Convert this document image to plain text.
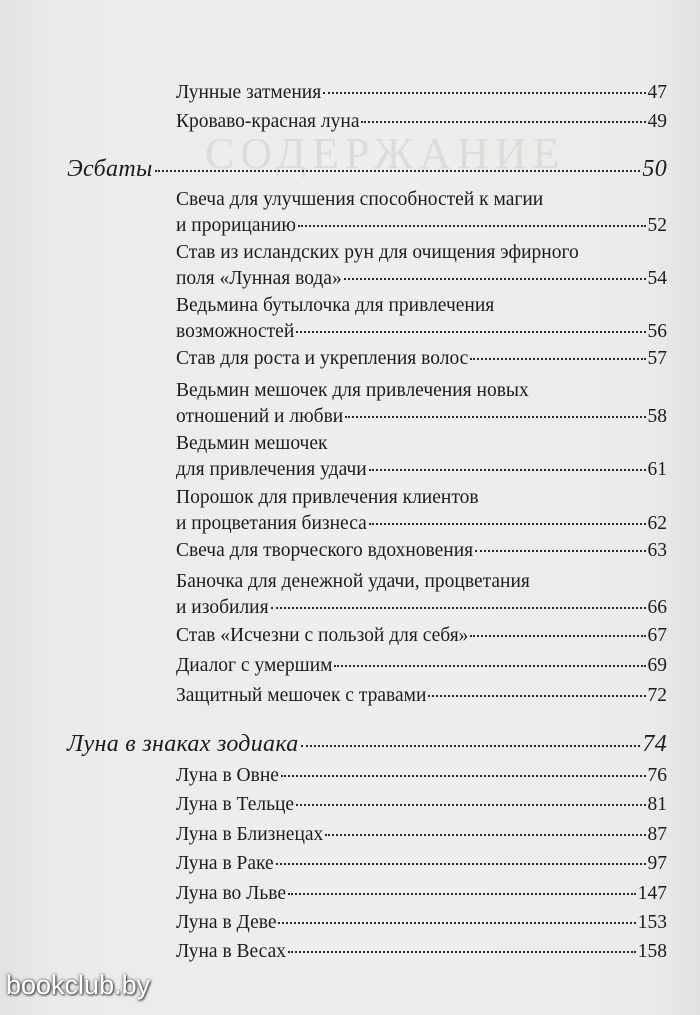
СОДЕРЖАНИЕ
Лунные затмения	47
Кроваво-красная луна	49
Эсбаты	50
Свеча для улучшения способностей к магии
и прорицанию	52
Став из исландских рун для очищения эфирного
поля «Лунная вода»	54
Ведьмина бутылочка для привлечения
возможностей	56
Став для роста и укрепления волос	57
Ведьмин мешочек для привлечения новых
отношений и любви	58
Ведьмин мешочек
для привлечения удачи	61
Порошок для привлечения клиентов
и процветания бизнеса	62
Свеча для творческого вдохновения	63
Баночка для денежной удачи, процветания
и изобилия	66
Став «Исчезни с пользой для себя»	67
Диалог с умершим	69
Защитный мешочек с травами	72
Луна в знаках зодиака	74
Луна в Овне	76
Луна в Тельце	81
Луна в Близнецах	87
Луна в Раке	97
Луна во Льве	147
Луна в Деве	153
Луна в Весах	158
bookclub.by
